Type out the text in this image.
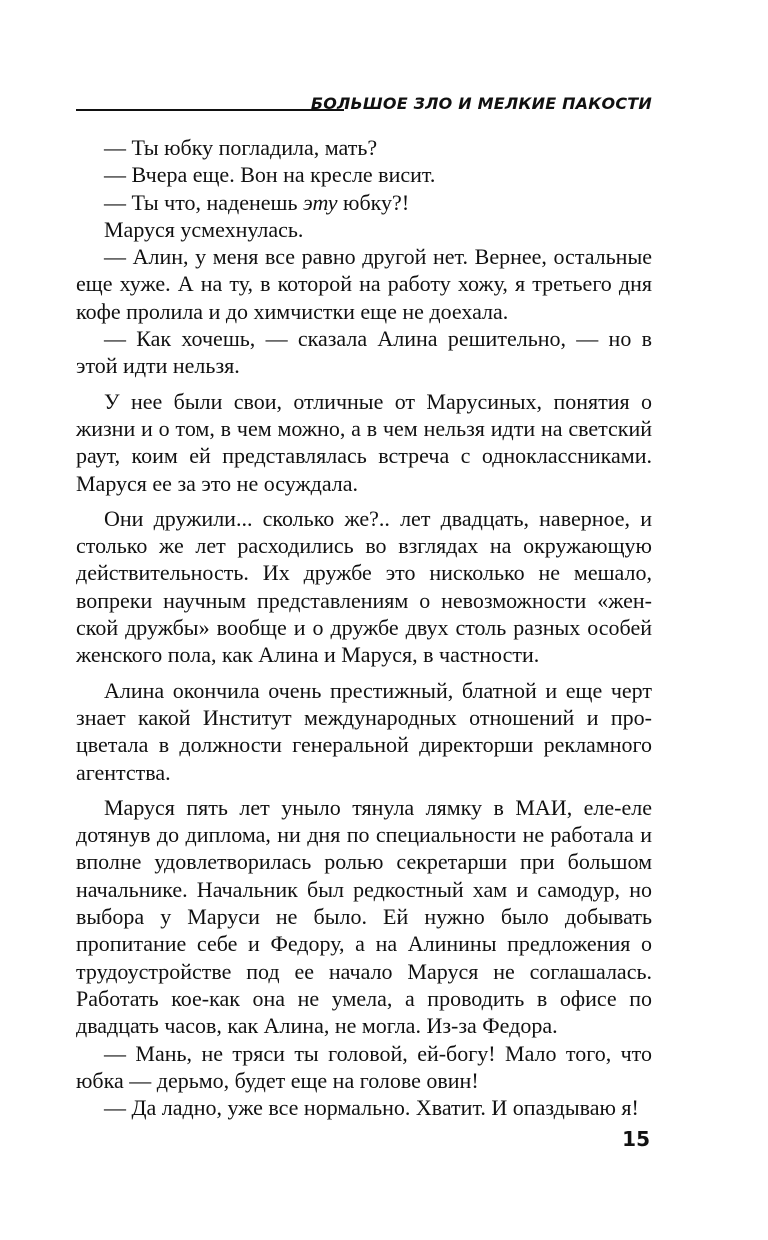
БОЛЬШОЕ ЗЛО И МЕЛКИЕ ПАКОСТИ

— Ты юбку погладила, мать?

— Вчера еще. Вон на кресле висит.

— Ты что, наденешь эту юбку?!

Маруся усмехнулась.

— Алин, у меня все равно другой нет. Вернее, остальные еще хуже. А на ту, в которой на работу хожу, я третьего дня кофе пролила и до химчистки еще не доехала.

— Как хочешь, — сказала Алина решительно, — но в этой идти нельзя.

У нее были свои, отличные от Марусиных, понятия о жизни и о том, в чем можно, а в чем нельзя идти на светский раут, коим ей представлялась встреча с одноклассниками. Маруся ее за это не осуждала.

Они дружили... сколько же?.. лет двадцать, наверное, и столько же лет расходились во взглядах на окружающую действительность. Их дружбе это нисколько не мешало, вопреки научным представлениям о невозможности «женской дружбы» вообще и о дружбе двух столь разных особей женского пола, как Алина и Маруся, в частности.

Алина окончила очень престижный, блатной и еще черт знает какой Институт международных отношений и процветала в должности генеральной директорши рекламного агентства.

Маруся пять лет уныло тянула лямку в МАИ, еле-еле дотянув до диплома, ни дня по специальности не работала и вполне удовлетворилась ролью секретарши при большом начальнике. Начальник был редкостный хам и самодур, но выбора у Маруси не было. Ей нужно было добывать пропитание себе и Федору, а на Алинины предложения о трудоустройстве под ее начало Маруся не соглашалась. Работать кое-как она не умела, а проводить в офисе по двадцать часов, как Алина, не могла. Из-за Федора.

— Мань, не тряси ты головой, ей-богу! Мало того, что юбка — дерьмо, будет еще на голове овин!

— Да ладно, уже все нормально. Хватит. И опаздываю я!

15
